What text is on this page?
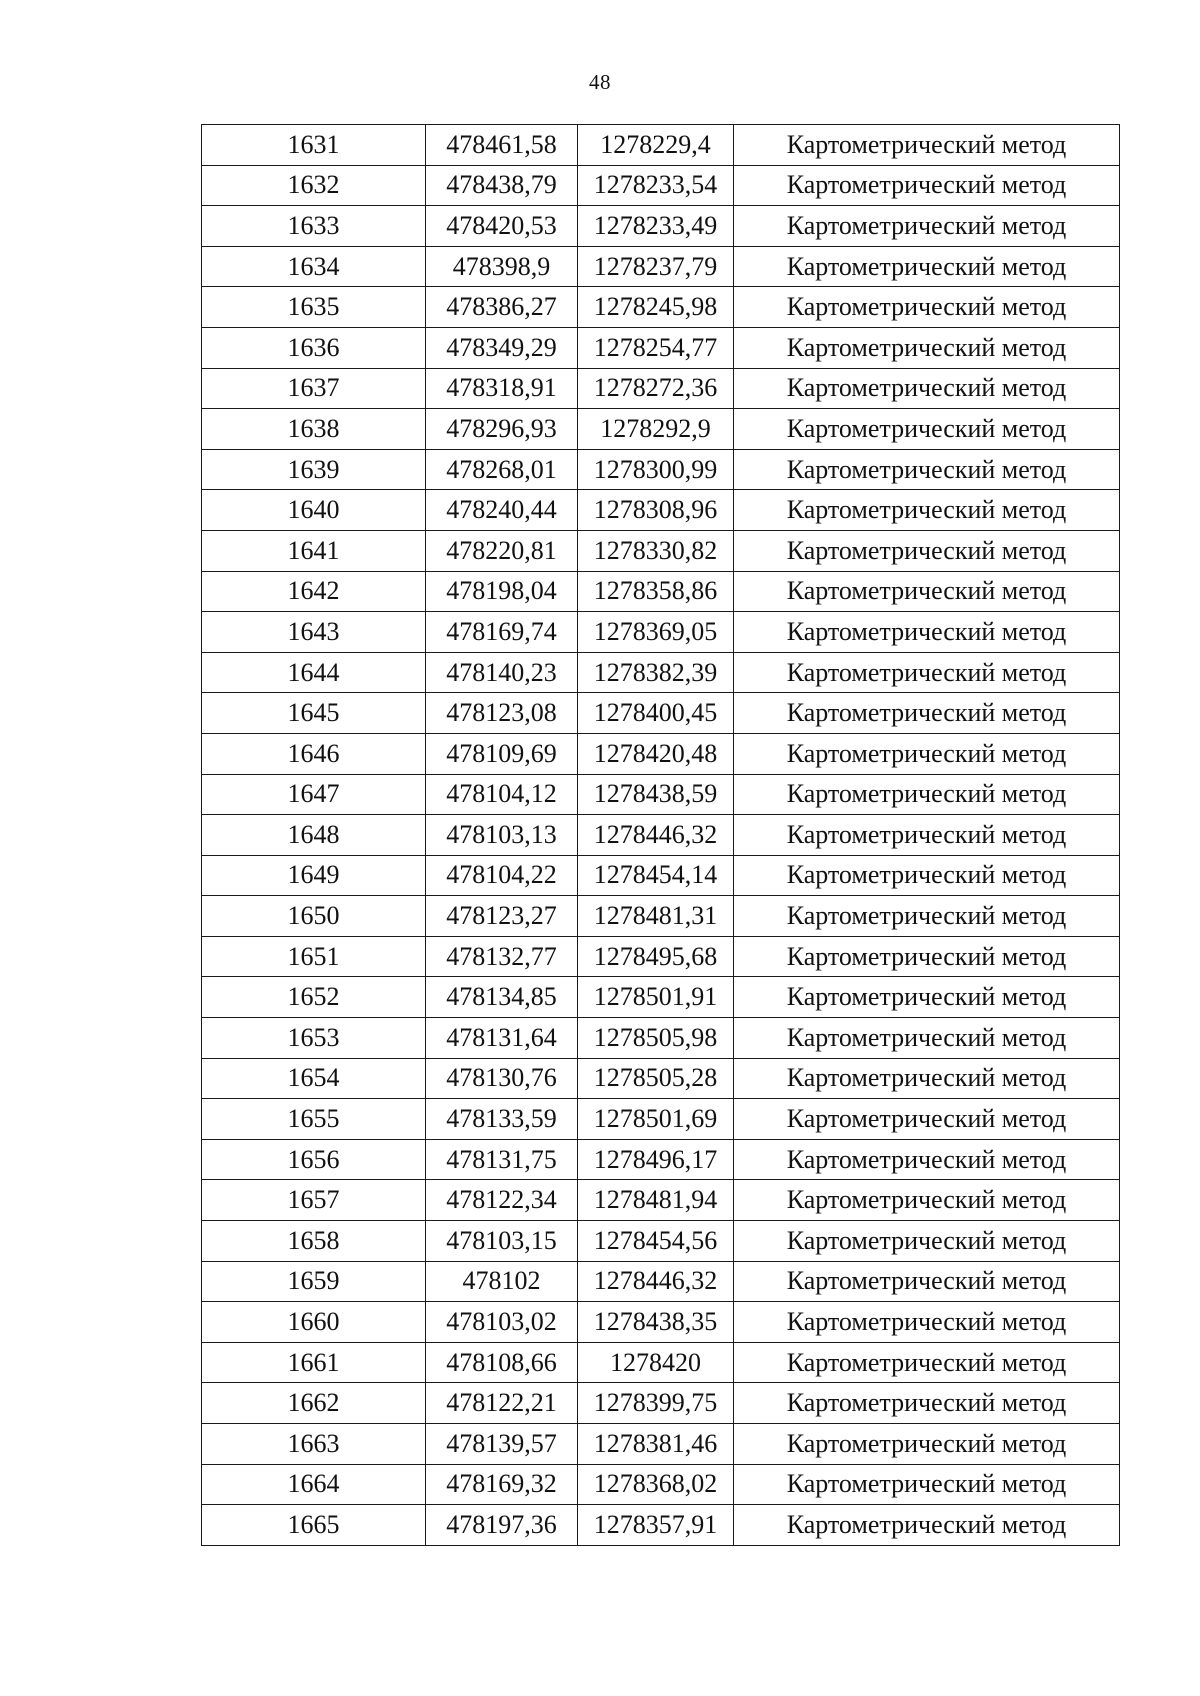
48
1631	478461,58	1278229,4	Картометрический метод
1632	478438,79	1278233,54	Картометрический метод
1633	478420,53	1278233,49	Картометрический метод
1634	478398,9	1278237,79	Картометрический метод
1635	478386,27	1278245,98	Картометрический метод
1636	478349,29	1278254,77	Картометрический метод
1637	478318,91	1278272,36	Картометрический метод
1638	478296,93	1278292,9	Картометрический метод
1639	478268,01	1278300,99	Картометрический метод
1640	478240,44	1278308,96	Картометрический метод
1641	478220,81	1278330,82	Картометрический метод
1642	478198,04	1278358,86	Картометрический метод
1643	478169,74	1278369,05	Картометрический метод
1644	478140,23	1278382,39	Картометрический метод
1645	478123,08	1278400,45	Картометрический метод
1646	478109,69	1278420,48	Картометрический метод
1647	478104,12	1278438,59	Картометрический метод
1648	478103,13	1278446,32	Картометрический метод
1649	478104,22	1278454,14	Картометрический метод
1650	478123,27	1278481,31	Картометрический метод
1651	478132,77	1278495,68	Картометрический метод
1652	478134,85	1278501,91	Картометрический метод
1653	478131,64	1278505,98	Картометрический метод
1654	478130,76	1278505,28	Картометрический метод
1655	478133,59	1278501,69	Картометрический метод
1656	478131,75	1278496,17	Картометрический метод
1657	478122,34	1278481,94	Картометрический метод
1658	478103,15	1278454,56	Картометрический метод
1659	478102	1278446,32	Картометрический метод
1660	478103,02	1278438,35	Картометрический метод
1661	478108,66	1278420	Картометрический метод
1662	478122,21	1278399,75	Картометрический метод
1663	478139,57	1278381,46	Картометрический метод
1664	478169,32	1278368,02	Картометрический метод
1665	478197,36	1278357,91	Картометрический метод
